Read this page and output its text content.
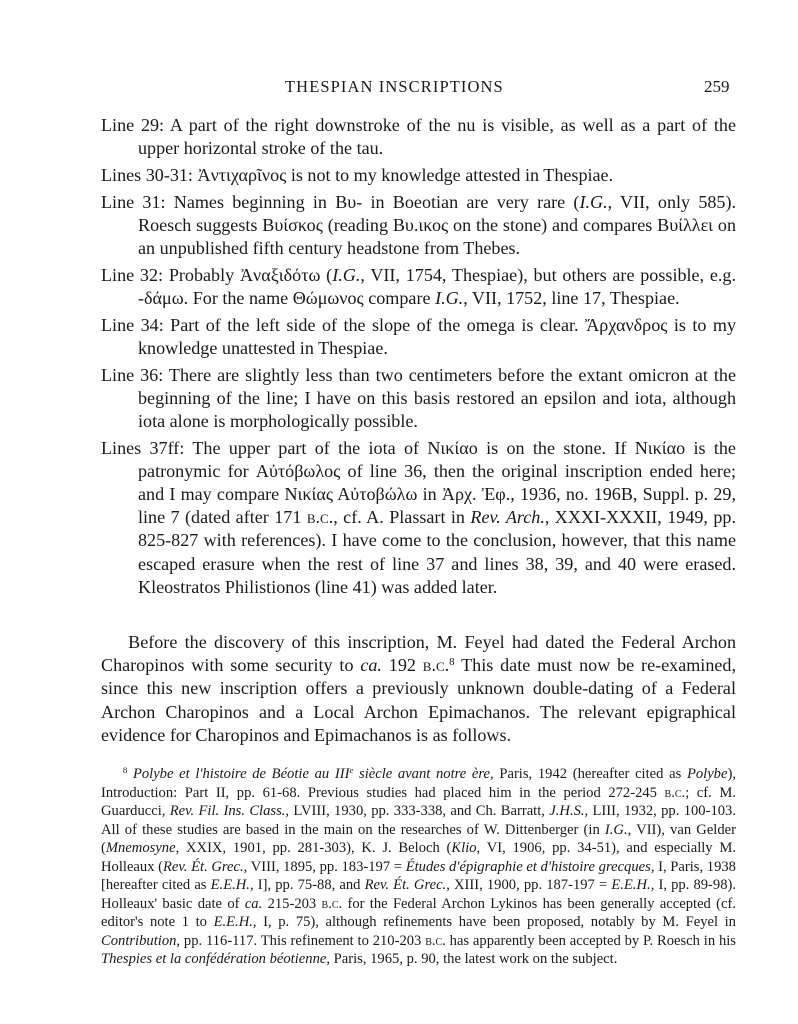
THESPIAN INSCRIPTIONS	259
Line 29: A part of the right downstroke of the nu is visible, as well as a part of the upper horizontal stroke of the tau.
Lines 30-31: Ἀντιχαρῖνος is not to my knowledge attested in Thespiae.
Line 31: Names beginning in Βυ- in Boeotian are very rare (I.G., VII, only 585). Roesch suggests Βυίσκος (reading Βυ.ικος on the stone) and compares Βυίλλει on an unpublished fifth century headstone from Thebes.
Line 32: Probably Ἀναξιδότω (I.G., VII, 1754, Thespiae), but others are possible, e.g. -δάμω. For the name Θώμωνος compare I.G., VII, 1752, line 17, Thespiae.
Line 34: Part of the left side of the slope of the omega is clear. Ἄρχανδρος is to my knowledge unattested in Thespiae.
Line 36: There are slightly less than two centimeters before the extant omicron at the beginning of the line; I have on this basis restored an epsilon and iota, although iota alone is morphologically possible.
Lines 37ff: The upper part of the iota of Νικίαο is on the stone. If Νικίαο is the patronymic for Αὐτόβωλος of line 36, then the original inscription ended here; and I may compare Νικίας Αὐτοβώλω in Ἀρχ. Ἐφ., 1936, no. 196B, Suppl. p. 29, line 7 (dated after 171 b.c., cf. A. Plassart in Rev. Arch., XXXI-XXXII, 1949, pp. 825-827 with references). I have come to the conclusion, however, that this name escaped erasure when the rest of line 37 and lines 38, 39, and 40 were erased. Kleostratos Philistionos (line 41) was added later.

Before the discovery of this inscription, M. Feyel had dated the Federal Archon Charopinos with some security to ca. 192 b.c.$^8$ This date must now be re-examined, since this new inscription offers a previously unknown double-dating of a Federal Archon Charopinos and a Local Archon Epimachanos. The relevant epigraphical evidence for Charopinos and Epimachanos is as follows.

$^8$ Polybe et l'histoire de Béotie au IIIe siècle avant notre ère, Paris, 1942 (hereafter cited as Polybe), Introduction: Part II, pp. 61-68. Previous studies had placed him in the period 272-245 b.c.; cf. M. Guarducci, Rev. Fil. Ins. Class., LVIII, 1930, pp. 333-338, and Ch. Barratt, J.H.S., LIII, 1932, pp. 100-103. All of these studies are based in the main on the researches of W. Dittenberger (in I.G., VII), van Gelder (Mnemosyne, XXIX, 1901, pp. 281-303), K. J. Beloch (Klio, VI, 1906, pp. 34-51), and especially M. Holleaux (Rev. Ét. Grec., VIII, 1895, pp. 183-197 = Études d'épigraphie et d'histoire grecques, I, Paris, 1938 [hereafter cited as E.E.H., I], pp. 75-88, and Rev. Ét. Grec., XIII, 1900, pp. 187-197 = E.E.H., I, pp. 89-98). Holleaux' basic date of ca. 215-203 b.c. for the Federal Archon Lykinos has been generally accepted (cf. editor's note 1 to E.E.H., I, p. 75), although refinements have been proposed, notably by M. Feyel in Contribution, pp. 116-117. This refinement to 210-203 b.c. has apparently been accepted by P. Roesch in his Thespies et la confédération béotienne, Paris, 1965, p. 90, the latest work on the subject.
